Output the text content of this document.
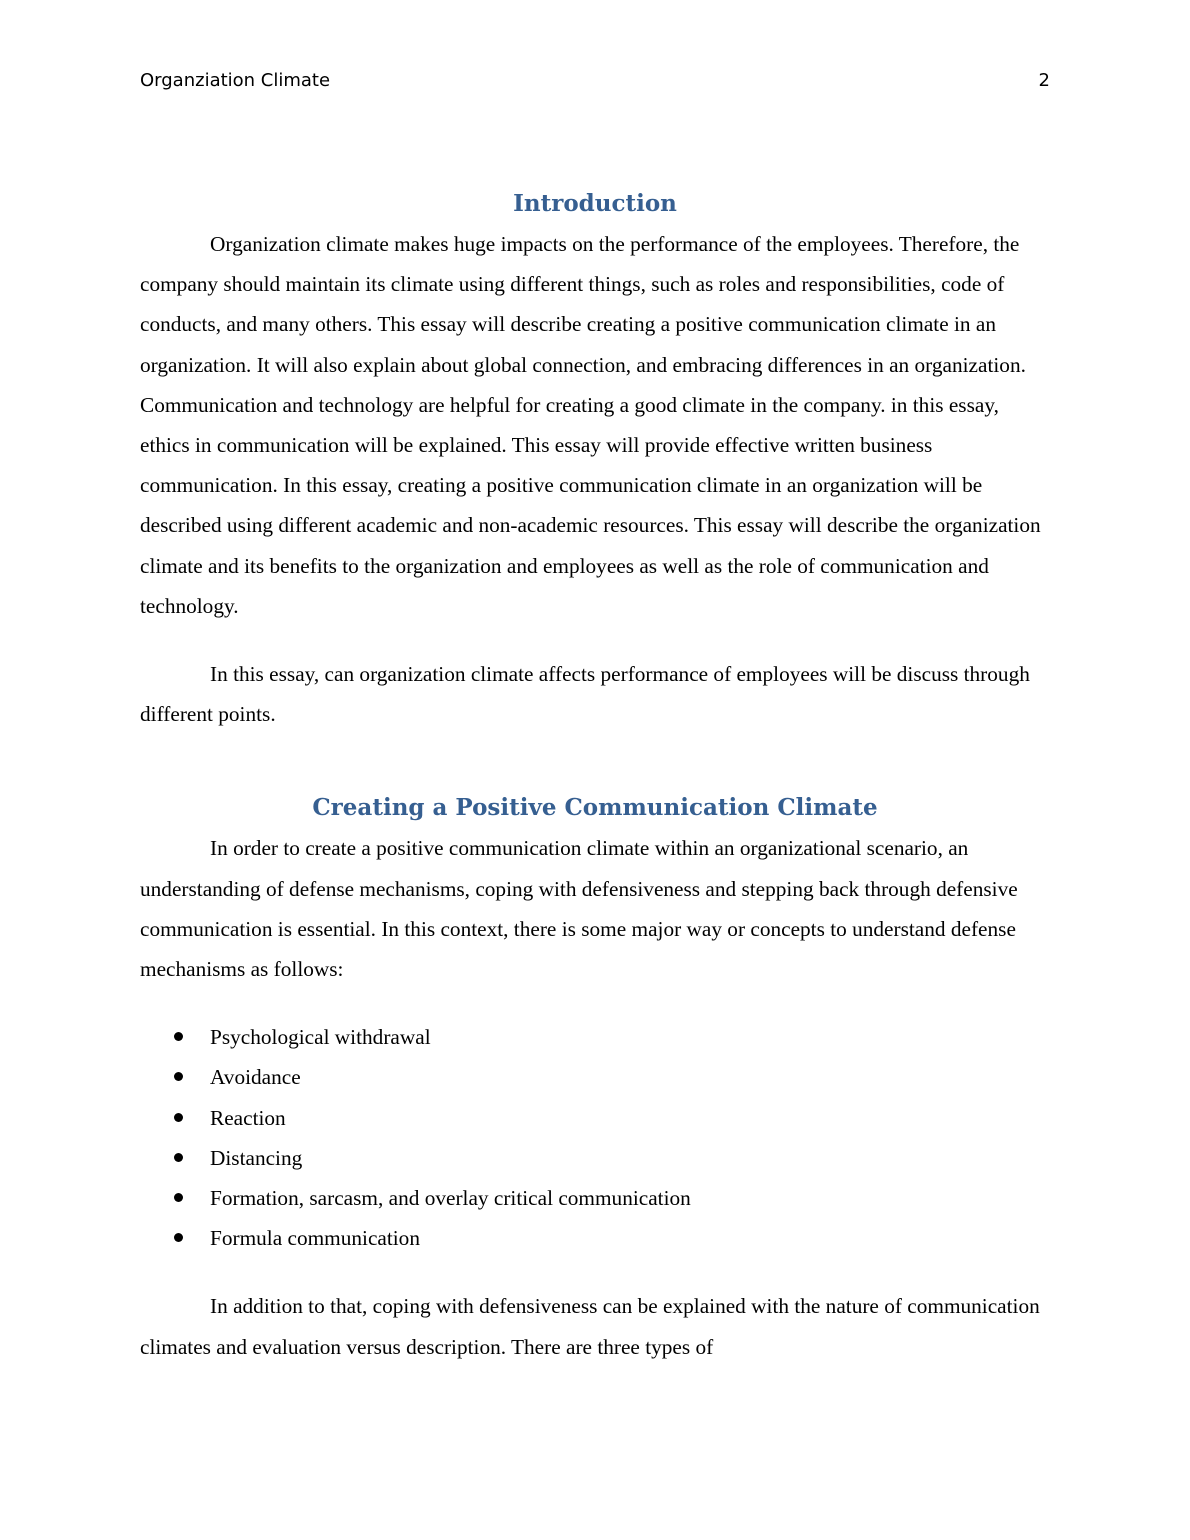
Organziation Climate	2
Introduction

Organization climate makes huge impacts on the performance of the employees. Therefore, the company should maintain its climate using different things, such as roles and responsibilities, code of conducts, and many others. This essay will describe creating a positive communication climate in an organization. It will also explain about global connection, and embracing differences in an organization. Communication and technology are helpful for creating a good climate in the company. in this essay, ethics in communication will be explained. This essay will provide effective written business communication. In this essay, creating a positive communication climate in an organization will be described using different academic and non-academic resources. This essay will describe the organization climate and its benefits to the organization and employees as well as the role of communication and technology.

In this essay, can organization climate affects performance of employees will be discuss through different points.

Creating a Positive Communication Climate

In order to create a positive communication climate within an organizational scenario, an understanding of defense mechanisms, coping with defensiveness and stepping back through defensive communication is essential. In this context, there is some major way or concepts to understand defense mechanisms as follows:

Psychological withdrawal
Avoidance
Reaction
Distancing
Formation, sarcasm, and overlay critical communication
Formula communication

In addition to that, coping with defensiveness can be explained with the nature of communication climates and evaluation versus description. There are three types of
